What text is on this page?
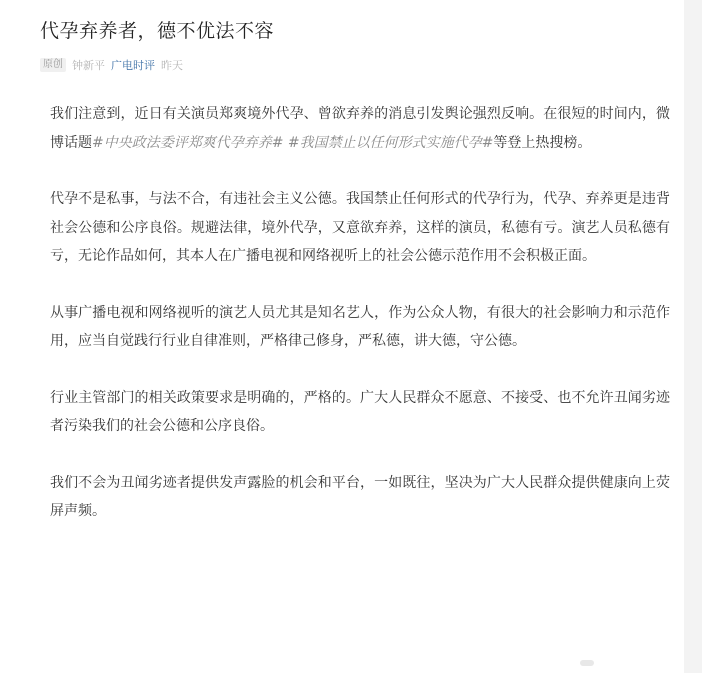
代孕弃养者，德不优法不容
原创 钟新平 广电时评 昨天

我们注意到，近日有关演员郑爽境外代孕、曾欲弃养的消息引发舆论强烈反响。在很短的时间内，微博话题#中央政法委评郑爽代孕弃养# #我国禁止以任何形式实施代孕#等登上热搜榜。

代孕不是私事，与法不合，有违社会主义公德。我国禁止任何形式的代孕行为，代孕、弃养更是违背社会公德和公序良俗。规避法律，境外代孕，又意欲弃养，这样的演员，私德有亏。演艺人员私德有亏，无论作品如何，其本人在广播电视和网络视听上的社会公德示范作用不会积极正面。

从事广播电视和网络视听的演艺人员尤其是知名艺人，作为公众人物，有很大的社会影响力和示范作用，应当自觉践行行业自律准则，严格律己修身，严私德，讲大德，守公德。

行业主管部门的相关政策要求是明确的，严格的。广大人民群众不愿意、不接受、也不允许丑闻劣迹者污染我们的社会公德和公序良俗。

我们不会为丑闻劣迹者提供发声露脸的机会和平台，一如既往，坚决为广大人民群众提供健康向上荧屏声频。
